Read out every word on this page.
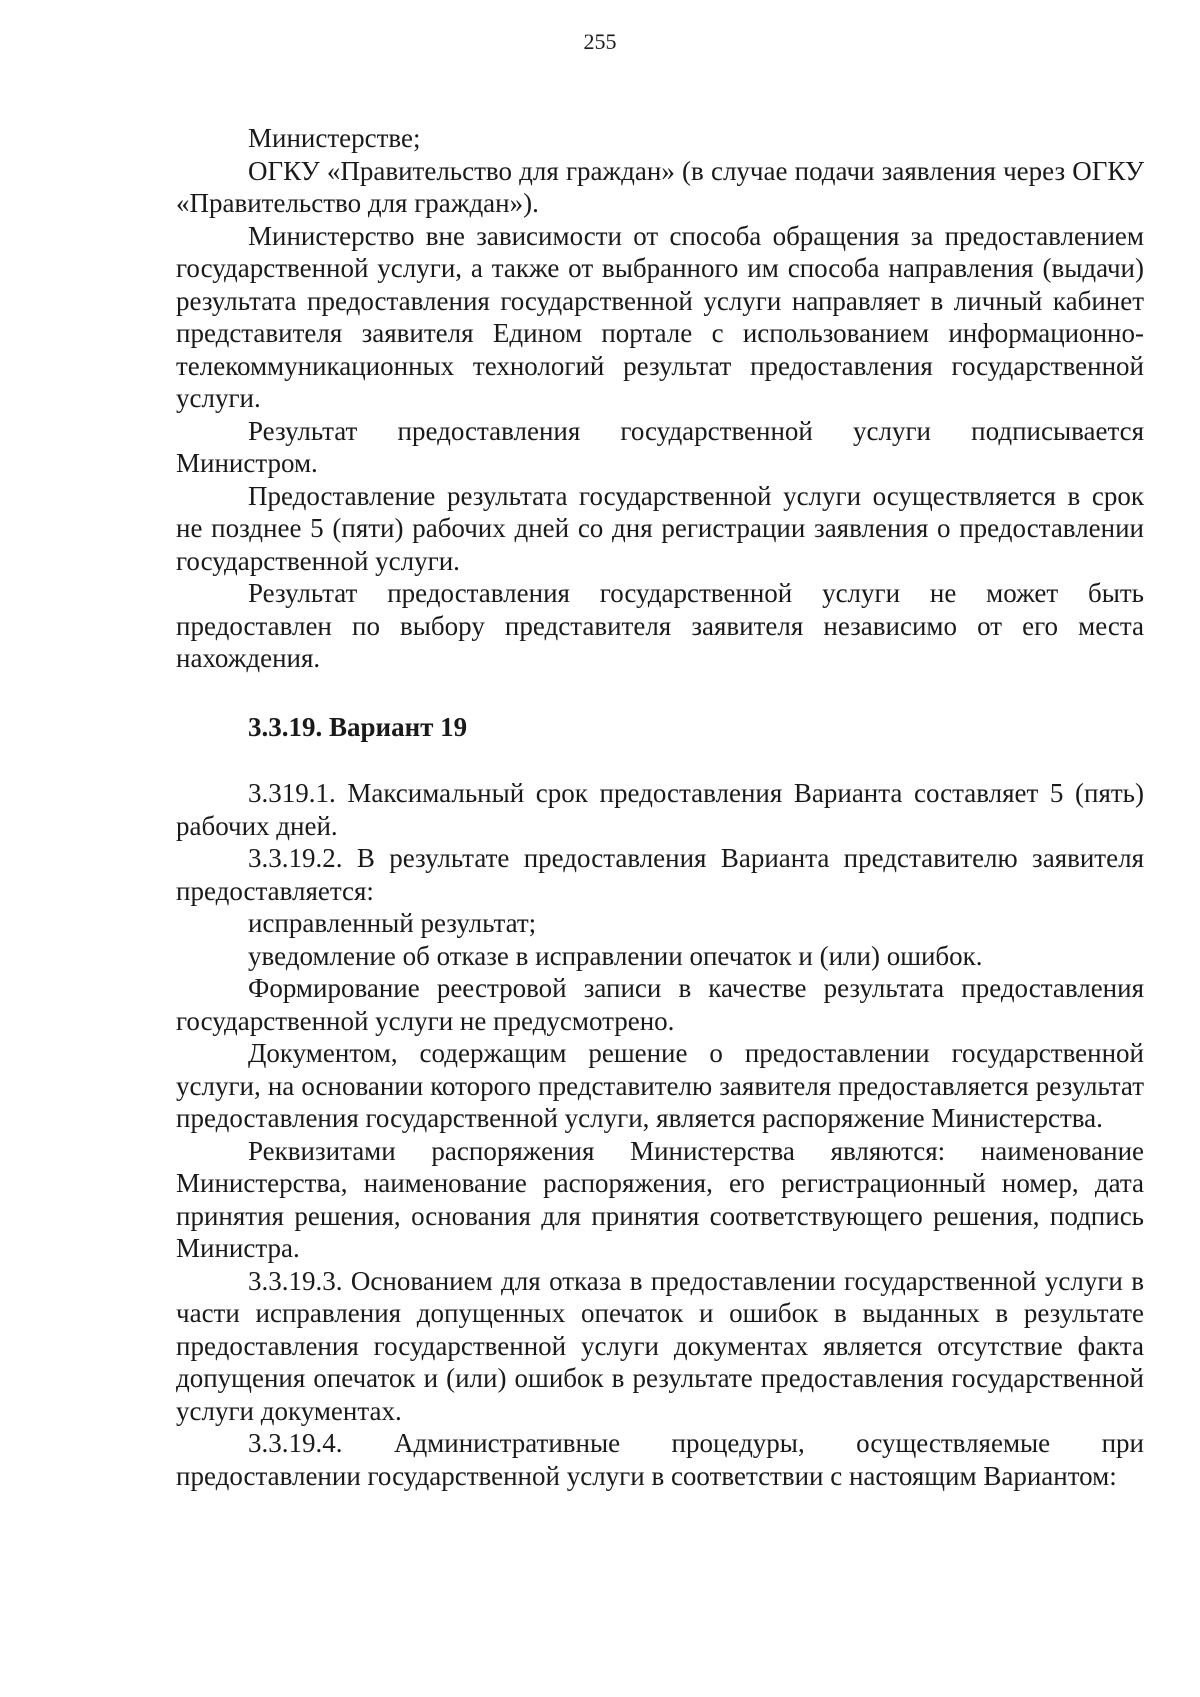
255

Министерстве;

ОГКУ «Правительство для граждан» (в случае подачи заявления через ОГКУ «Правительство для граждан»).

Министерство вне зависимости от способа обращения за предоставлением государственной услуги, а также от выбранного им способа направления (выдачи) результата предоставления государственной услуги направляет в личный кабинет представителя заявителя Едином портале с использованием информационно-телекоммуникационных технологий результат предоставления государственной услуги.

Результат предоставления государственной услуги подписывается Министром.

Предоставление результата государственной услуги осуществляется в срок не позднее 5 (пяти) рабочих дней со дня регистрации заявления о предоставлении государственной услуги.

Результат предоставления государственной услуги не может быть предоставлен по выбору представителя заявителя независимо от его места нахождения.

3.3.19. Вариант 19

3.319.1. Максимальный срок предоставления Варианта составляет 5 (пять) рабочих дней.

3.3.19.2. В результате предоставления Варианта представителю заявителя предоставляется:

исправленный результат;

уведомление об отказе в исправлении опечаток и (или) ошибок.

Формирование реестровой записи в качестве результата предоставления государственной услуги не предусмотрено.

Документом, содержащим решение о предоставлении государственной услуги, на основании которого представителю заявителя предоставляется результат предоставления государственной услуги, является распоряжение Министерства.

Реквизитами распоряжения Министерства являются: наименование Министерства, наименование распоряжения, его регистрационный номер, дата принятия решения, основания для принятия соответствующего решения, подпись Министра.

3.3.19.3. Основанием для отказа в предоставлении государственной услуги в части исправления допущенных опечаток и ошибок в выданных в результате предоставления государственной услуги документах является отсутствие факта допущения опечаток и (или) ошибок в результате предоставления государственной услуги документах.

3.3.19.4. Административные процедуры, осуществляемые при предоставлении государственной услуги в соответствии с настоящим Вариантом:
